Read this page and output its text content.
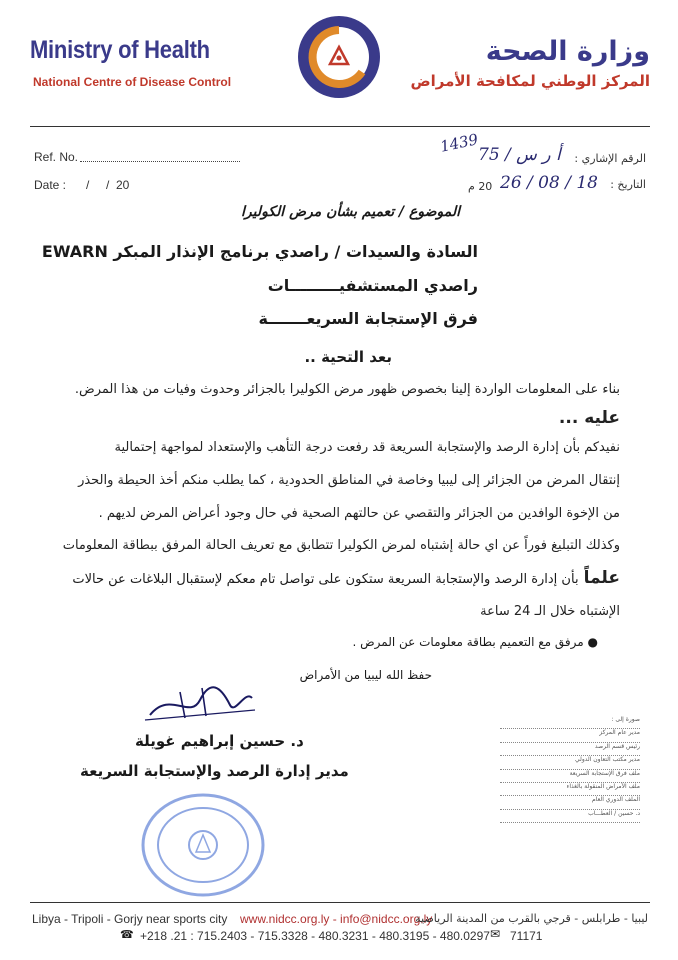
Ministry of Health
National Centre of Disease Control
وزارة الصحة
المركز الوطني لمكافحة الأمراض
Ref. No.
Date : /     /  20
الرقم الإشاري :
التاريخ :
75 / أ ر س
1439
26 / 08 / 18
20 م
الموضوع / تعميم بشأن مرض الكوليرا
السادة والسيدات / راصدي برنامج الإنذار المبكر EWARN
راصدي المستشفيـــــــــات
فرق الإستجابة السريعـــــــة
بعد التحية ..
بناء على المعلومات الواردة إلينا بخصوص ظهور مرض الكوليرا بالجزائر وحدوث وفيات من هذا المرض.
عليه ...
نفيدكم بأن إدارة الرصد والإستجابة السريعة قد رفعت درجة التأهب والإستعداد لمواجهة إحتمالية
إنتقال المرض من الجزائر إلى ليبيا وخاصة في المناطق الحدودية ، كما يطلب منكم أخذ الحيطة والحذر
من الإخوة الوافدين من الجزائر والتقصي عن حالتهم الصحية في حال وجود أعراض المرض لديهم .
وكذلك التبليغ فوراً عن اي حالة إشتباه لمرض الكوليرا تتطابق مع تعريف الحالة المرفق ببطاقة المعلومات
علماً بأن إدارة الرصد والإستجابة السريعة ستكون على تواصل تام معكم لإستقبال البلاغات عن حالات
الإشتباه خلال الـ 24 ساعة
● مرفق مع التعميم بطاقة معلومات عن المرض .
حفظ الله ليبيا من الأمراض
د. حسين إبراهيم غويلة
مدير إدارة الرصد والإستجابة السريعة
صورة إلى :
مدير عام المركز
رئيس قسم الرصد
مدير مكتب التعاون الدولي
ملف فرق الإستجابة السريعة
ملف الأمراض المنقولة بالغذاء
الملف الدوري العام
د. حسين / العطـــاب
Libya - Tripoli - Gorjy near sports city www.nidcc.org.ly - info@nidcc.org.ly
ليبيا - طرابلس - قرجي بالقرب من المدينة الرياضية
☎ +218 .21 : 715.2403 - 715.3328 - 480.3231 - 480.3195 - 480.0297 ✉ 71171
